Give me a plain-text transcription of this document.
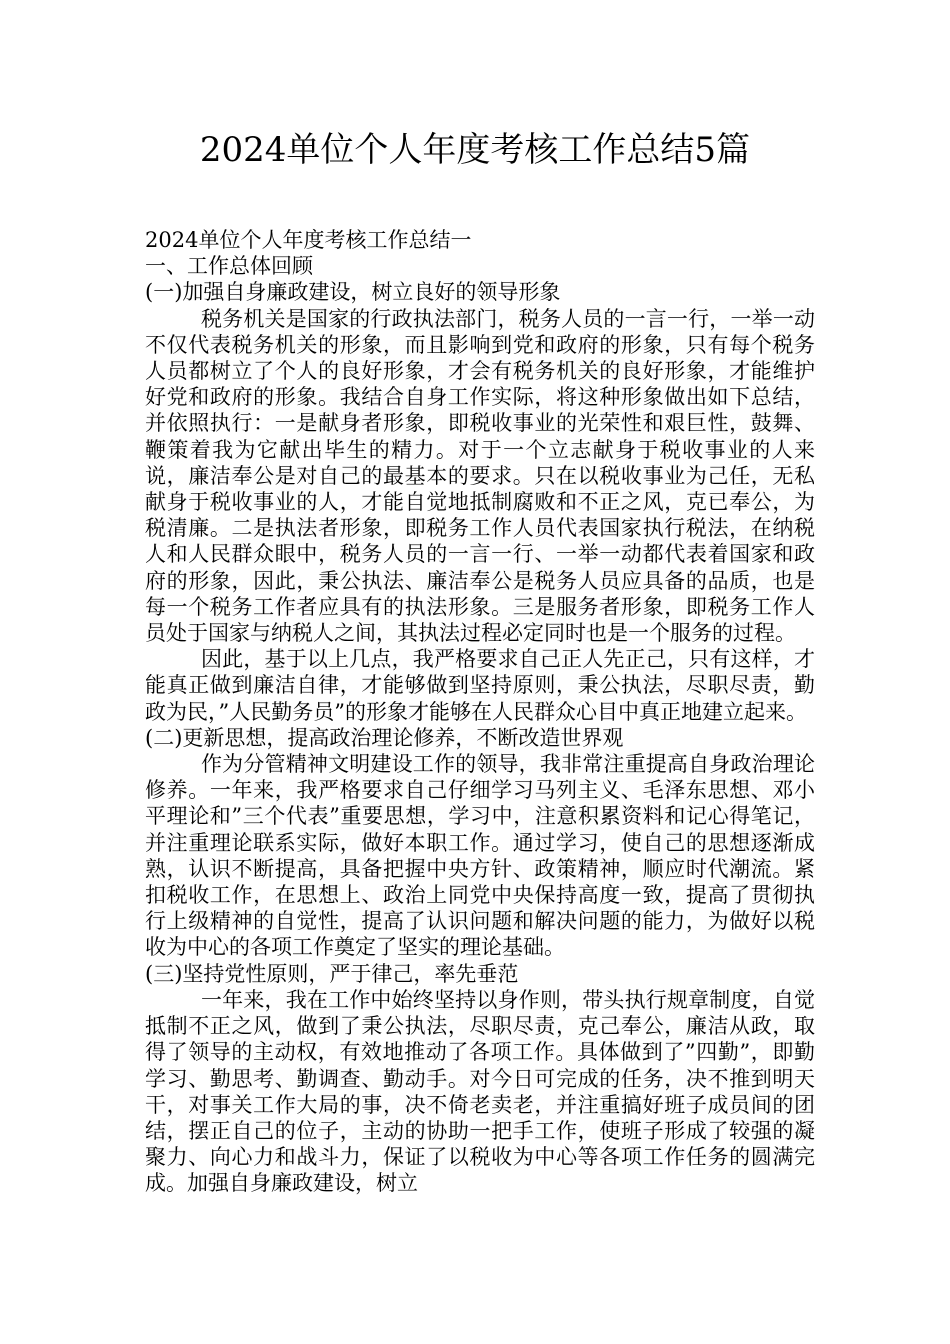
2024单位个人年度考核工作总结5篇

2024单位个人年度考核工作总结一

一、工作总体回顾

(一)加强自身廉政建设，树立良好的领导形象

税务机关是国家的行政执法部门，税务人员的一言一行，一举一动不仅代表税务机关的形象，而且影响到党和政府的形象，只有每个税务人员都树立了个人的良好形象，才会有税务机关的良好形象，才能维护好党和政府的形象。我结合自身工作实际，将这种形象做出如下总结，并依照执行：一是献身者形象，即税收事业的光荣性和艰巨性，鼓舞、鞭策着我为它献出毕生的精力。对于一个立志献身于税收事业的人来说，廉洁奉公是对自己的最基本的要求。只在以税收事业为己任，无私献身于税收事业的人，才能自觉地抵制腐败和不正之风，克已奉公，为税清廉。二是执法者形象，即税务工作人员代表国家执行税法，在纳税人和人民群众眼中，税务人员的一言一行、一举一动都代表着国家和政府的形象，因此，秉公执法、廉洁奉公是税务人员应具备的品质，也是每一个税务工作者应具有的执法形象。三是服务者形象，即税务工作人员处于国家与纳税人之间，其执法过程必定同时也是一个服务的过程。

因此，基于以上几点，我严格要求自己正人先正己，只有这样，才能真正做到廉洁自律，才能够做到坚持原则，秉公执法，尽职尽责，勤政为民，”人民勤务员”的形象才能够在人民群众心目中真正地建立起来。

(二)更新思想，提高政治理论修养，不断改造世界观

作为分管精神文明建设工作的领导，我非常注重提高自身政治理论修养。一年来，我严格要求自己仔细学习马列主义、毛泽东思想、邓小平理论和”三个代表”重要思想，学习中，注意积累资料和记心得笔记，并注重理论联系实际，做好本职工作。通过学习，使自己的思想逐渐成熟，认识不断提高，具备把握中央方针、政策精神，顺应时代潮流。紧扣税收工作，在思想上、政治上同党中央保持高度一致，提高了贯彻执行上级精神的自觉性，提高了认识问题和解决问题的能力，为做好以税收为中心的各项工作奠定了坚实的理论基础。

(三)坚持党性原则，严于律己，率先垂范

一年来，我在工作中始终坚持以身作则，带头执行规章制度，自觉抵制不正之风，做到了秉公执法，尽职尽责，克己奉公，廉洁从政，取得了领导的主动权，有效地推动了各项工作。具体做到了”四勤”，即勤学习、勤思考、勤调查、勤动手。对今日可完成的任务，决不推到明天干，对事关工作大局的事，决不倚老卖老，并注重搞好班子成员间的团结，摆正自己的位子，主动的协助一把手工作，使班子形成了较强的凝聚力、向心力和战斗力，保证了以税收为中心等各项工作任务的圆满完成。加强自身廉政建设，树立
